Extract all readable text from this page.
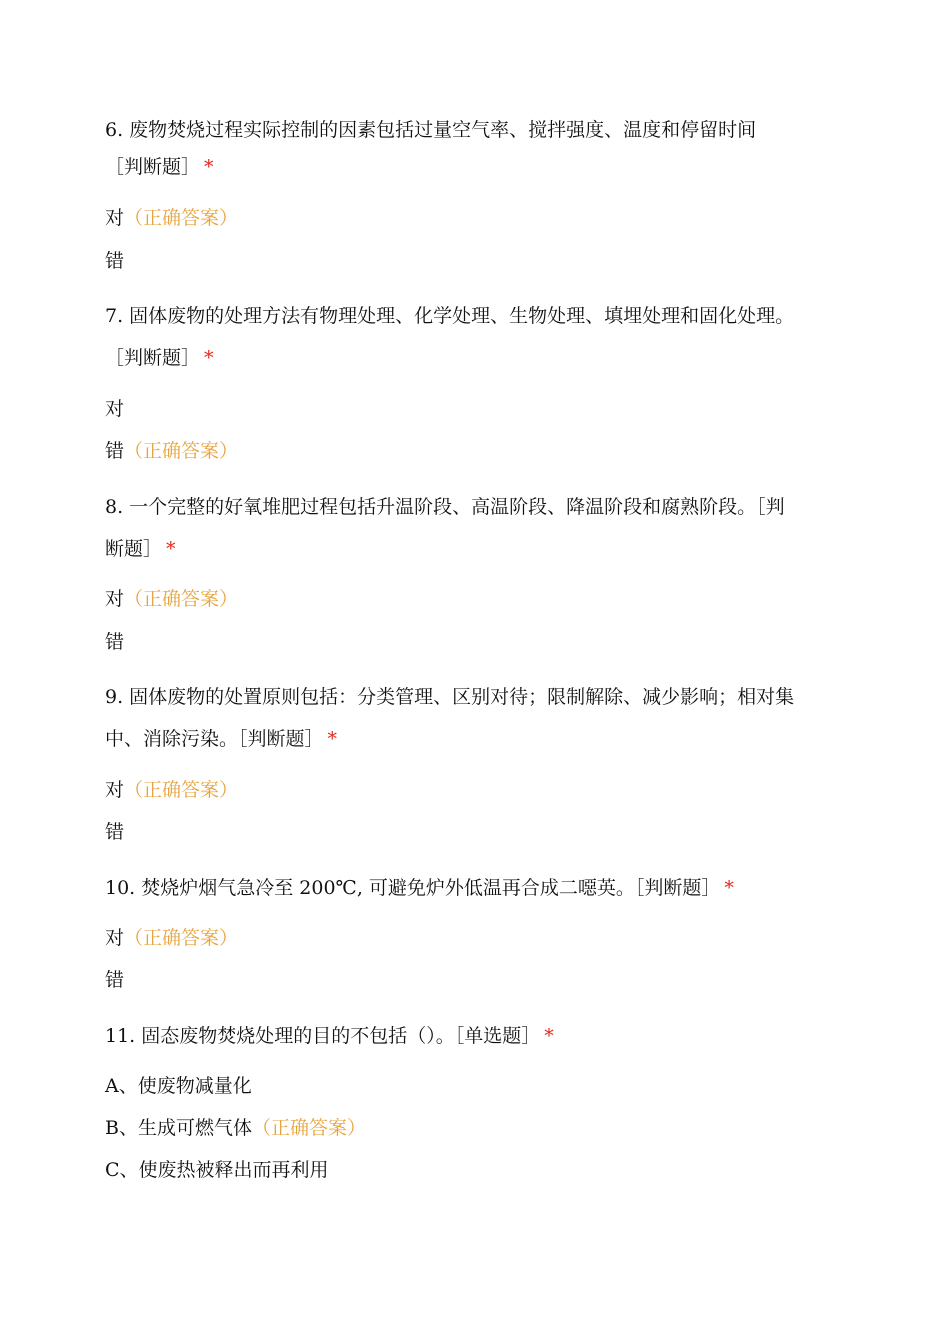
6. 废物焚烧过程实际控制的因素包括过量空气率、搅拌强度、温度和停留时间
［判断题］ *
对（正确答案）
错
7. 固体废物的处理方法有物理处理、化学处理、生物处理、填埋处理和固化处理。
［判断题］ *
对
错（正确答案）
8. 一个完整的好氧堆肥过程包括升温阶段、高温阶段、降温阶段和腐熟阶段。［判
断题］ *
对（正确答案）
错
9. 固体废物的处置原则包括：分类管理、区别对待；限制解除、减少影响；相对集
中、消除污染。［判断题］ *
对（正确答案）
错
10. 焚烧炉烟气急冷至 200℃, 可避免炉外低温再合成二噁英。［判断题］ *
对（正确答案）
错
11. 固态废物焚烧处理的目的不包括（）。［单选题］ *
A、使废物减量化
B、生成可燃气体（正确答案）
C、使废热被释出而再利用
